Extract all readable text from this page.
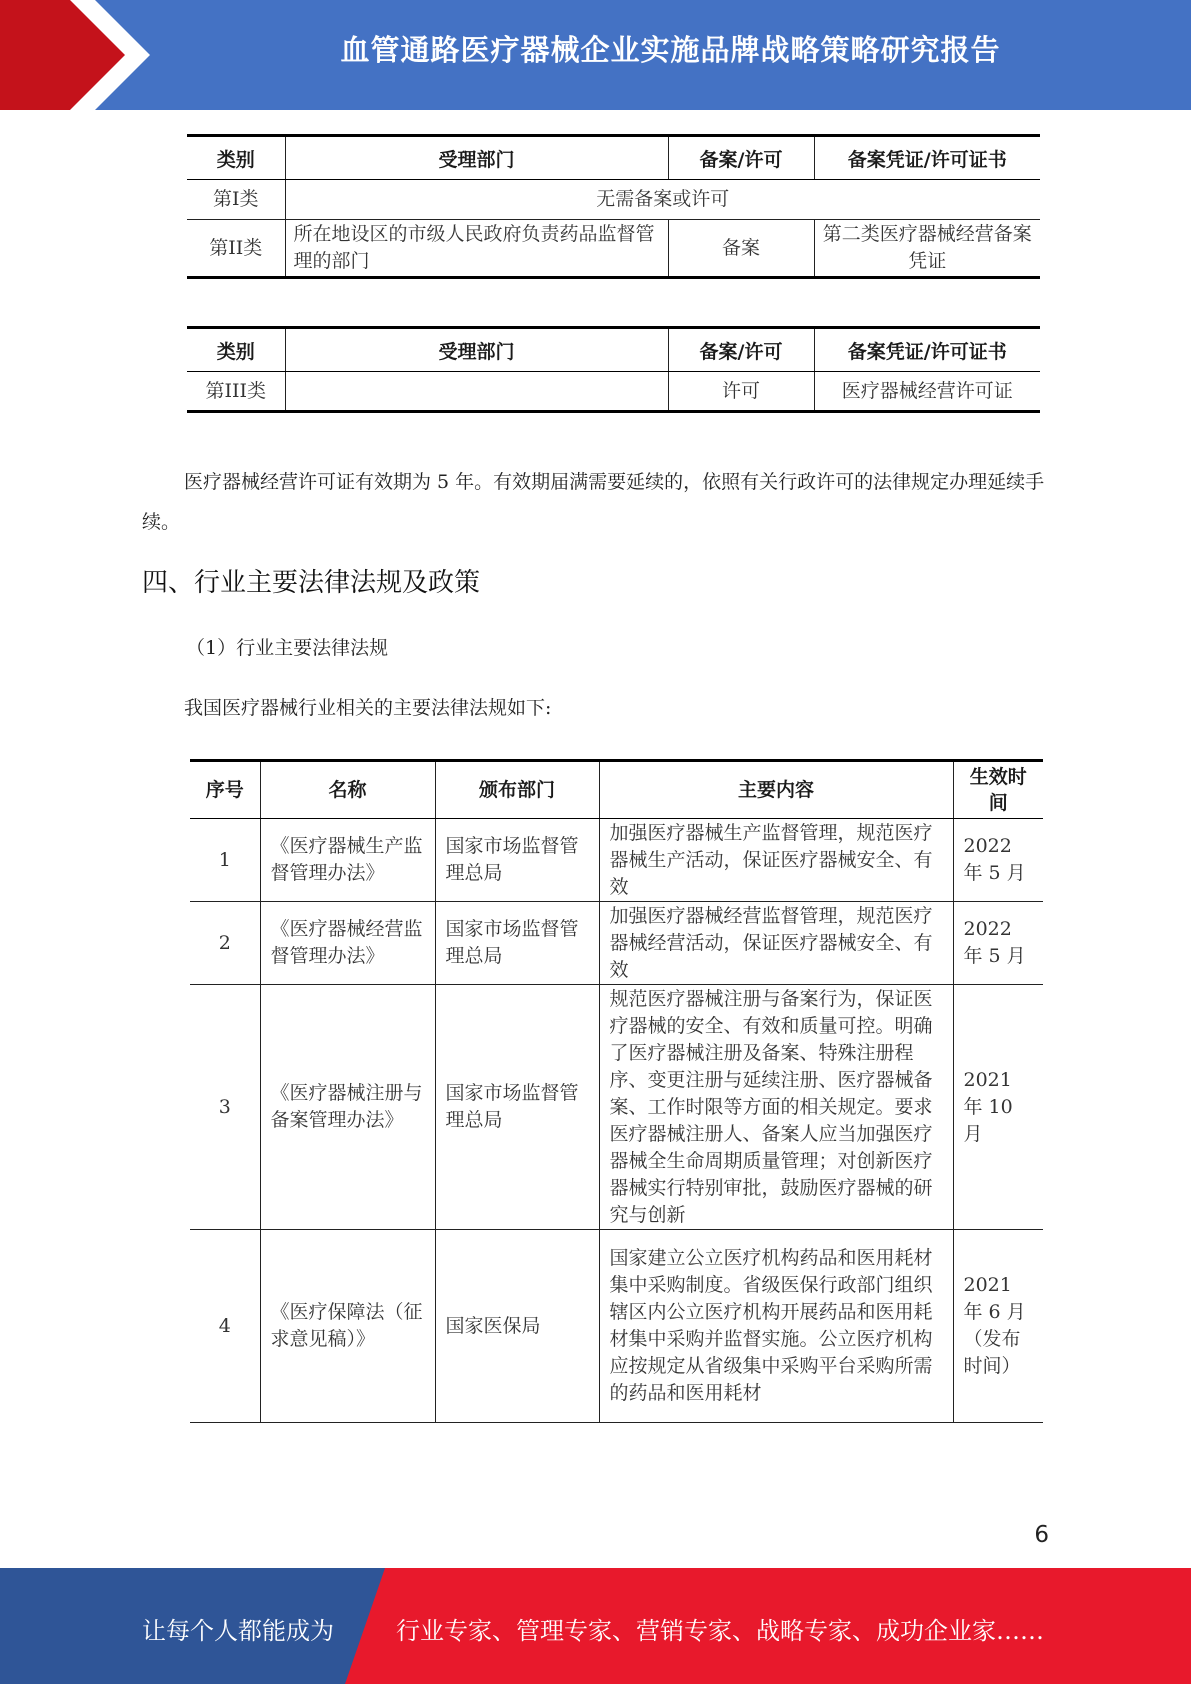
血管通路医疗器械企业实施品牌战略策略研究报告
类别	受理部门	备案/许可	备案凭证/许可证书
第I类	无需备案或许可		
第II类	所在地设区的市级人民政府负责药品监督管理的部门	备案	第二类医疗器械经营备案凭证
类别	受理部门	备案/许可	备案凭证/许可证书
第III类		许可	医疗器械经营许可证
医疗器械经营许可证有效期为 5 年。有效期届满需要延续的，依照有关行政许可的法律规定办理延续手续。
四、行业主要法律法规及政策
（1）行业主要法律法规
我国医疗器械行业相关的主要法律法规如下:
序号	名称	颁布部门	主要内容	生效时间
1	《医疗器械生产监督管理办法》	国家市场监督管理总局	加强医疗器械生产监督管理，规范医疗器械生产活动，保证医疗器械安全、有效	2022 年 5 月
2	《医疗器械经营监督管理办法》	国家市场监督管理总局	加强医疗器械经营监督管理，规范医疗器械经营活动，保证医疗器械安全、有效	2022 年 5 月
3	《医疗器械注册与备案管理办法》	国家市场监督管理总局	规范医疗器械注册与备案行为，保证医疗器械的安全、有效和质量可控。明确了医疗器械注册及备案、特殊注册程序、变更注册与延续注册、医疗器械备案、工作时限等方面的相关规定。要求医疗器械注册人、备案人应当加强医疗器械全生命周期质量管理；对创新医疗器械实行特别审批，鼓励医疗器械的研究与创新	2021 年 10 月
4	《医疗保障法（征求意见稿）》	国家医保局	国家建立公立医疗机构药品和医用耗材集中采购制度。省级医保行政部门组织辖区内公立医疗机构开展药品和医用耗材集中采购并监督实施。公立医疗机构应按规定从省级集中采购平台采购所需的药品和医用耗材	2021 年 6 月（发布时间）
6
让每个人都能成为	行业专家、管理专家、营销专家、战略专家、成功企业家……
